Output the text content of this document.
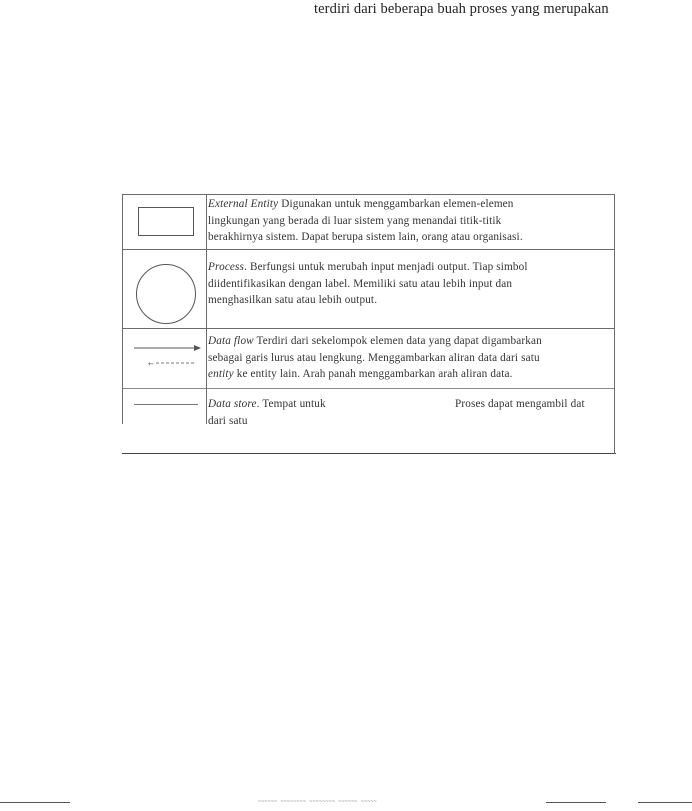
terdiri dari beberapa buah proses yang merupakan
External Entity Digunakan untuk menggambarkan elemen-elemen
lingkungan yang berada di luar sistem yang menandai titik-titik
berakhirnya sistem. Dapat berupa sistem lain, orang atau organisasi.
Process. Berfungsi untuk merubah input menjadi output. Tiap simbol
diidentifikasikan dengan label. Memiliki satu atau lebih input dan
menghasilkan satu atau lebih output.
←
Data flow Terdiri dari sekelompok elemen data yang dapat digambarkan
sebagai garis lurus atau lengkung. Menggambarkan aliran data dari satu
entity ke entity lain. Arah panah menggambarkan arah aliran data.
Data store. Tempat untuk	Proses dapat mengambil dat
dari satu
~~~~~~ ~~~~~~~~ ~~~~~~~~ ~~~~~~ ~~~~~
